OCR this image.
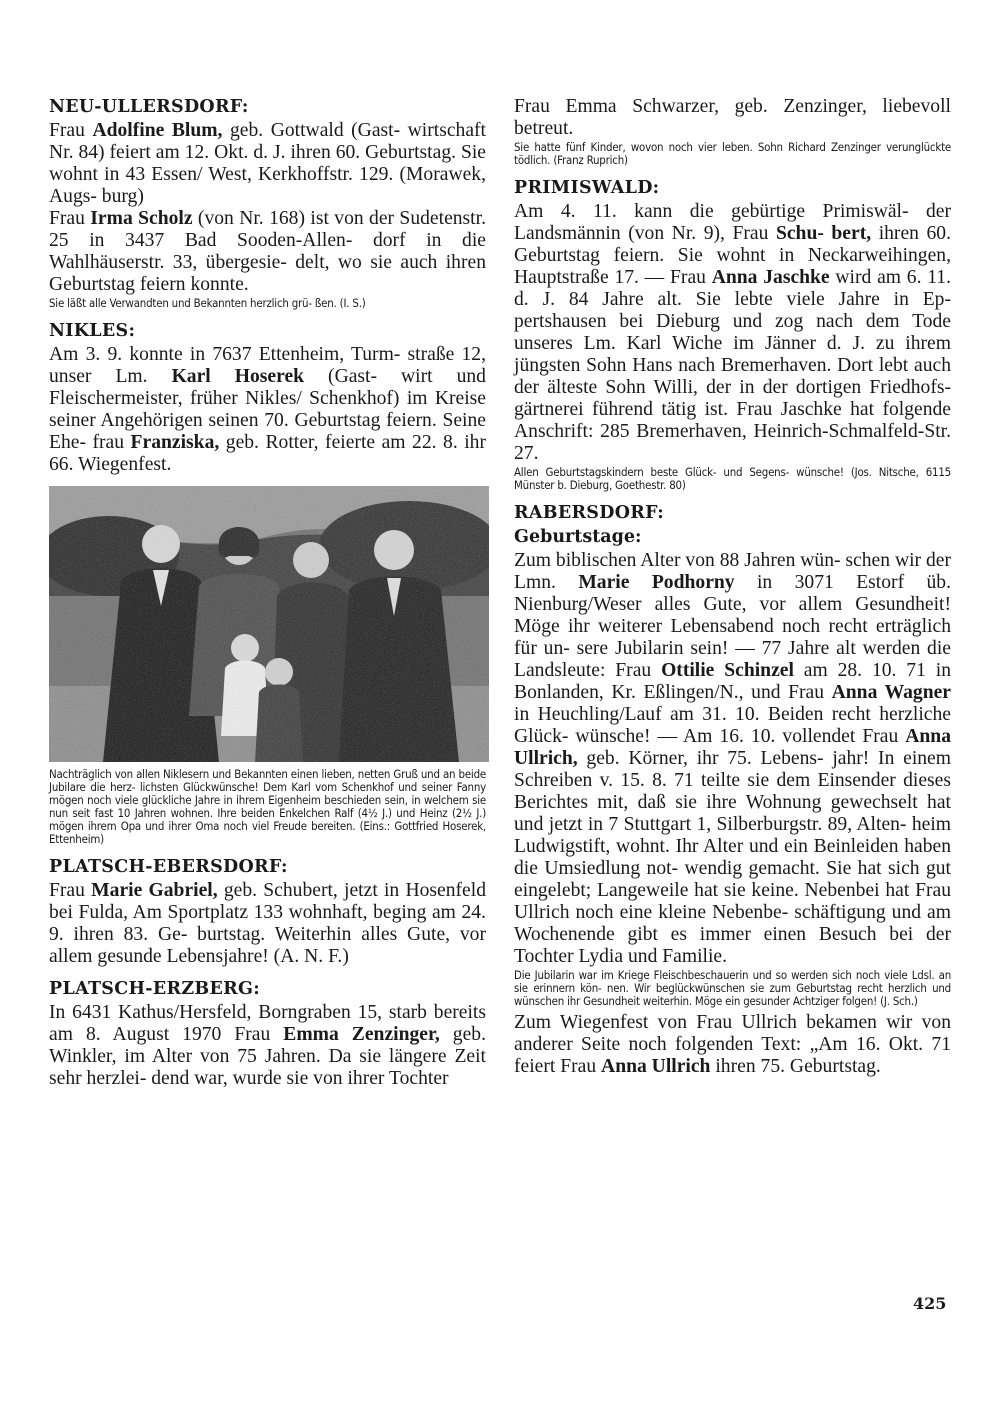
NEU-ULLERSDORF:

Frau Adolfine Blum, geb. Gottwald (Gast- wirtschaft Nr. 84) feiert am 12. Okt. d. J. ihren 60. Geburtstag. Sie wohnt in 43 Essen/ West, Kerkhoffstr. 129. (Morawek, Augs- burg)

Frau Irma Scholz (von Nr. 168) ist von der Sudetenstr. 25 in 3437 Bad Sooden-Allen- dorf in die Wahlhäuserstr. 33, übergesie- delt, wo sie auch ihren Geburtstag feiern konnte.

Sie läßt alle Verwandten und Bekannten herzlich grü- ßen. (I. S.)

NIKLES:

Am 3. 9. konnte in 7637 Ettenheim, Turm- straße 12, unser Lm. Karl Hoserek (Gast- wirt und Fleischermeister, früher Nikles/ Schenkhof) im Kreise seiner Angehörigen seinen 70. Geburtstag feiern. Seine Ehe- frau Franziska, geb. Rotter, feierte am 22. 8. ihr 66. Wiegenfest.

Nachträglich von allen Niklesern und Bekannten einen lieben, netten Gruß und an beide Jubilare die herz- lichsten Glückwünsche! Dem Karl vom Schenkhof und seiner Fanny mögen noch viele glückliche Jahre in ihrem Eigenheim beschieden sein, in welchem sie nun seit fast 10 Jahren wohnen. Ihre beiden Enkelchen Ralf (4½ J.) und Heinz (2½ J.) mögen ihrem Opa und ihrer Oma noch viel Freude bereiten. (Eins.: Gottfried Hoserek, Ettenheim)

PLATSCH-EBERSDORF:

Frau Marie Gabriel, geb. Schubert, jetzt in Hosenfeld bei Fulda, Am Sportplatz 133 wohnhaft, beging am 24. 9. ihren 83. Ge- burtstag. Weiterhin alles Gute, vor allem gesunde Lebensjahre! (A. N. F.)

PLATSCH-ERZBERG:

In 6431 Kathus/Hersfeld, Borngraben 15, starb bereits am 8. August 1970 Frau Emma Zenzinger, geb. Winkler, im Alter von 75 Jahren. Da sie längere Zeit sehr herzlei- dend war, wurde sie von ihrer Tochter

Frau Emma Schwarzer, geb. Zenzinger, liebevoll betreut.

Sie hatte fünf Kinder, wovon noch vier leben. Sohn Richard Zenzinger verunglückte tödlich. (Franz Ruprich)

PRIMISWALD:

Am 4. 11. kann die gebürtige Primiswäl- der Landsmännin (von Nr. 9), Frau Schu- bert, ihren 60. Geburtstag feiern. Sie wohnt in Neckarweihingen, Hauptstraße 17. — Frau Anna Jaschke wird am 6. 11. d. J. 84 Jahre alt. Sie lebte viele Jahre in Ep- pertshausen bei Dieburg und zog nach dem Tode unseres Lm. Karl Wiche im Jänner d. J. zu ihrem jüngsten Sohn Hans nach Bremerhaven. Dort lebt auch der älteste Sohn Willi, der in der dortigen Friedhofs- gärtnerei führend tätig ist. Frau Jaschke hat folgende Anschrift: 285 Bremerhaven, Heinrich-Schmalfeld-Str. 27.

Allen Geburtstagskindern beste Glück- und Segens- wünsche! (Jos. Nitsche, 6115 Münster b. Dieburg, Goethestr. 80)

RABERSDORF:
Geburtstage:

Zum biblischen Alter von 88 Jahren wün- schen wir der Lmn. Marie Podhorny in 3071 Estorf üb. Nienburg/Weser alles Gute, vor allem Gesundheit! Möge ihr weiterer Lebensabend noch recht erträglich für un- sere Jubilarin sein! — 77 Jahre alt werden die Landsleute: Frau Ottilie Schinzel am 28. 10. 71 in Bonlanden, Kr. Eßlingen/N., und Frau Anna Wagner in Heuchling/Lauf am 31. 10. Beiden recht herzliche Glück- wünsche! — Am 16. 10. vollendet Frau Anna Ullrich, geb. Körner, ihr 75. Lebens- jahr! In einem Schreiben v. 15. 8. 71 teilte sie dem Einsender dieses Berichtes mit, daß sie ihre Wohnung gewechselt hat und jetzt in 7 Stuttgart 1, Silberburgstr. 89, Alten- heim Ludwigstift, wohnt. Ihr Alter und ein Beinleiden haben die Umsiedlung not- wendig gemacht. Sie hat sich gut eingelebt; Langeweile hat sie keine. Nebenbei hat Frau Ullrich noch eine kleine Nebenbe- schäftigung und am Wochenende gibt es immer einen Besuch bei der Tochter Lydia und Familie.

Die Jubilarin war im Kriege Fleischbeschauerin und so werden sich noch viele Ldsl. an sie erinnern kön- nen. Wir beglückwünschen sie zum Geburtstag recht herzlich und wünschen ihr Gesundheit weiterhin. Möge ein gesunder Achtziger folgen! (J. Sch.)

Zum Wiegenfest von Frau Ullrich bekamen wir von anderer Seite noch folgenden Text: „Am 16. Okt. 71 feiert Frau Anna Ullrich ihren 75. Geburtstag.

425
